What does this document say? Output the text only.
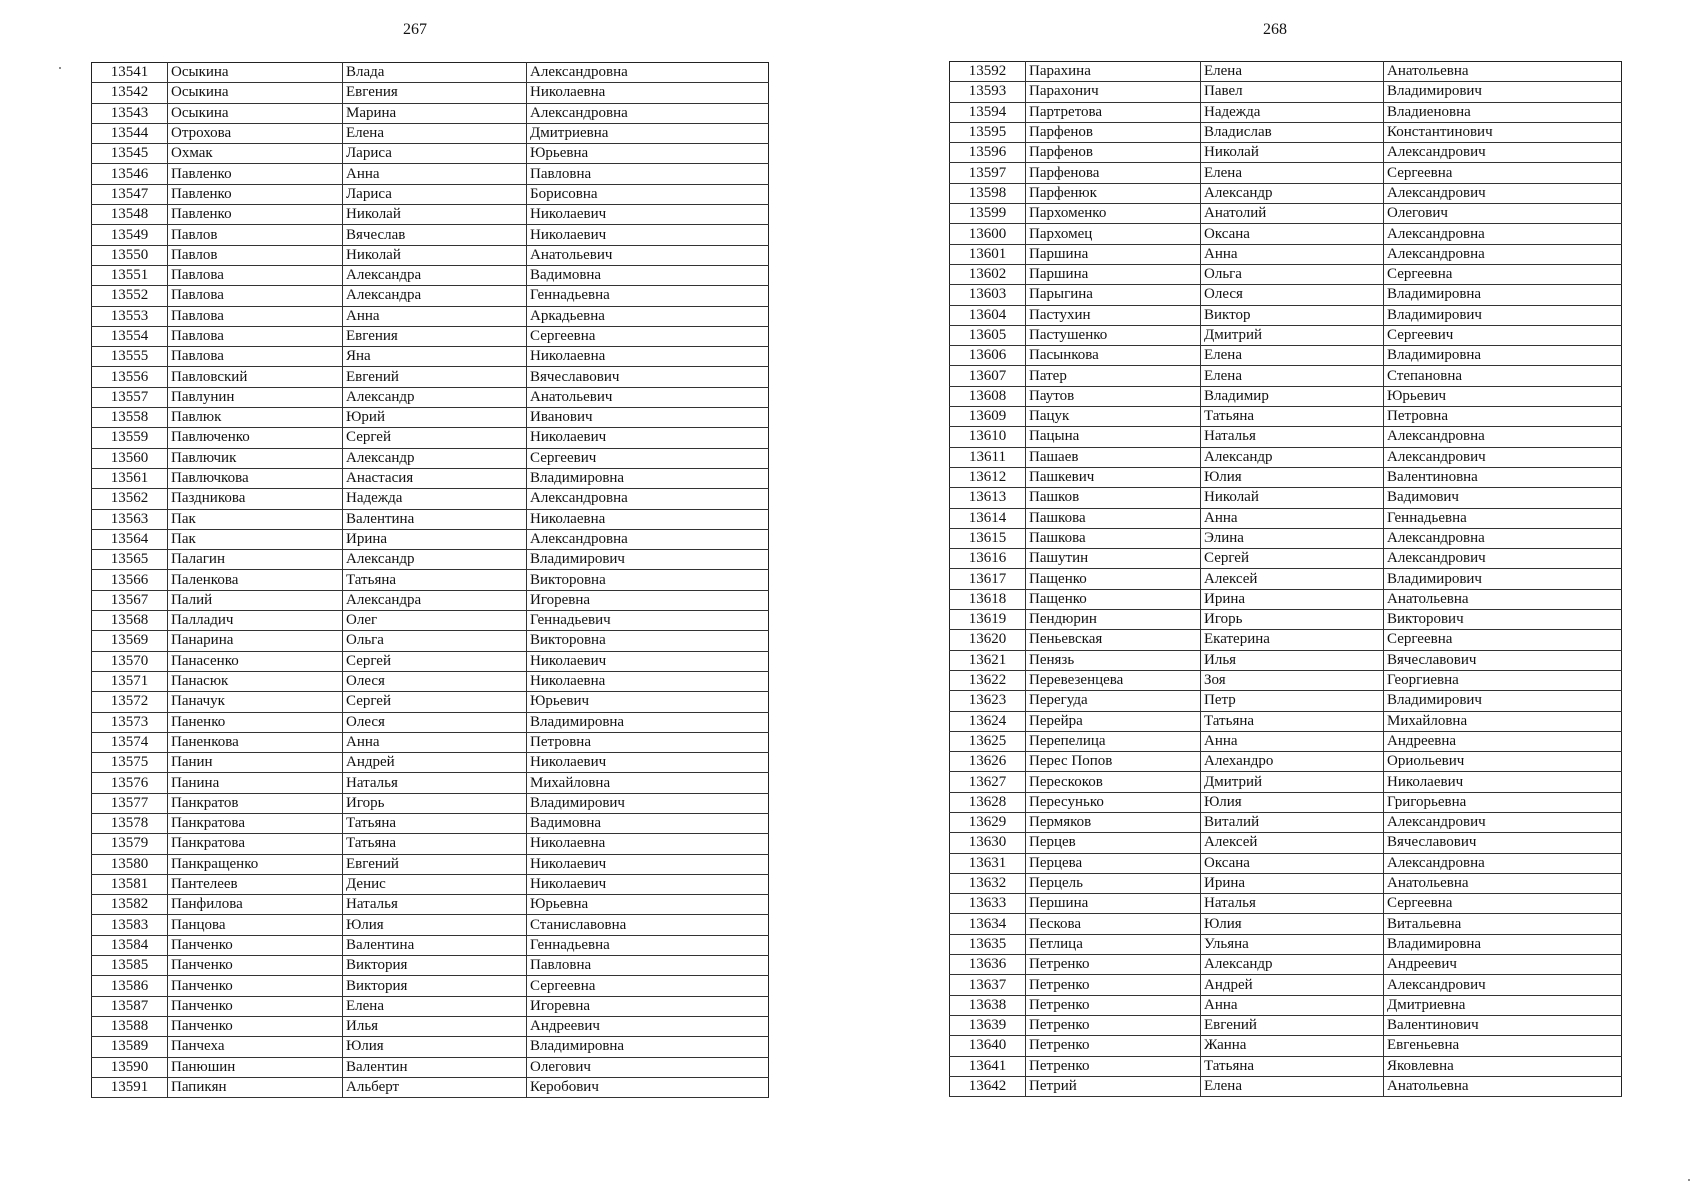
267	268
13541	Осыкина	Влада	Александровна
13542	Осыкина	Евгения	Николаевна
13543	Осыкина	Марина	Александровна
13544	Отрохова	Елена	Дмитриевна
13545	Охмак	Лариса	Юрьевна
13546	Павленко	Анна	Павловна
13547	Павленко	Лариса	Борисовна
13548	Павленко	Николай	Николаевич
13549	Павлов	Вячеслав	Николаевич
13550	Павлов	Николай	Анатольевич
13551	Павлова	Александра	Вадимовна
13552	Павлова	Александра	Геннадьевна
13553	Павлова	Анна	Аркадьевна
13554	Павлова	Евгения	Сергеевна
13555	Павлова	Яна	Николаевна
13556	Павловский	Евгений	Вячеславович
13557	Павлунин	Александр	Анатольевич
13558	Павлюк	Юрий	Иванович
13559	Павлюченко	Сергей	Николаевич
13560	Павлючик	Александр	Сергеевич
13561	Павлючкова	Анастасия	Владимировна
13562	Паздникова	Надежда	Александровна
13563	Пак	Валентина	Николаевна
13564	Пак	Ирина	Александровна
13565	Палагин	Александр	Владимирович
13566	Паленкова	Татьяна	Викторовна
13567	Палий	Александра	Игоревна
13568	Палладич	Олег	Геннадьевич
13569	Панарина	Ольга	Викторовна
13570	Панасенко	Сергей	Николаевич
13571	Панасюк	Олеся	Николаевна
13572	Паначук	Сергей	Юрьевич
13573	Паненко	Олеся	Владимировна
13574	Паненкова	Анна	Петровна
13575	Панин	Андрей	Николаевич
13576	Панина	Наталья	Михайловна
13577	Панкратов	Игорь	Владимирович
13578	Панкратова	Татьяна	Вадимовна
13579	Панкратова	Татьяна	Николаевна
13580	Панкращенко	Евгений	Николаевич
13581	Пантелеев	Денис	Николаевич
13582	Панфилова	Наталья	Юрьевна
13583	Панцова	Юлия	Станиславовна
13584	Панченко	Валентина	Геннадьевна
13585	Панченко	Виктория	Павловна
13586	Панченко	Виктория	Сергеевна
13587	Панченко	Елена	Игоревна
13588	Панченко	Илья	Андреевич
13589	Панчеха	Юлия	Владимировна
13590	Панюшин	Валентин	Олегович
13591	Папикян	Альберт	Керобович
13592	Парахина	Елена	Анатольевна
13593	Парахонич	Павел	Владимирович
13594	Партретова	Надежда	Владиеновна
13595	Парфенов	Владислав	Константинович
13596	Парфенов	Николай	Александрович
13597	Парфенова	Елена	Сергеевна
13598	Парфенюк	Александр	Александрович
13599	Пархоменко	Анатолий	Олегович
13600	Пархомец	Оксана	Александровна
13601	Паршина	Анна	Александровна
13602	Паршина	Ольга	Сергеевна
13603	Парыгина	Олеся	Владимировна
13604	Пастухин	Виктор	Владимирович
13605	Пастушенко	Дмитрий	Сергеевич
13606	Пасынкова	Елена	Владимировна
13607	Патер	Елена	Степановна
13608	Паутов	Владимир	Юрьевич
13609	Пацук	Татьяна	Петровна
13610	Пацына	Наталья	Александровна
13611	Пашаев	Александр	Александрович
13612	Пашкевич	Юлия	Валентиновна
13613	Пашков	Николай	Вадимович
13614	Пашкова	Анна	Геннадьевна
13615	Пашкова	Элина	Александровна
13616	Пашутин	Сергей	Александрович
13617	Пащенко	Алексей	Владимирович
13618	Пащенко	Ирина	Анатольевна
13619	Пендюрин	Игорь	Викторович
13620	Пеньевская	Екатерина	Сергеевна
13621	Пенязь	Илья	Вячеславович
13622	Перевезенцева	Зоя	Георгиевна
13623	Перегуда	Петр	Владимирович
13624	Перейра	Татьяна	Михайловна
13625	Перепелица	Анна	Андреевна
13626	Перес Попов	Алехандро	Ориольевич
13627	Перескоков	Дмитрий	Николаевич
13628	Пересунько	Юлия	Григорьевна
13629	Пермяков	Виталий	Александрович
13630	Перцев	Алексей	Вячеславович
13631	Перцева	Оксана	Александровна
13632	Перцель	Ирина	Анатольевна
13633	Першина	Наталья	Сергеевна
13634	Пескова	Юлия	Витальевна
13635	Петлица	Ульяна	Владимировна
13636	Петренко	Александр	Андреевич
13637	Петренко	Андрей	Александрович
13638	Петренко	Анна	Дмитриевна
13639	Петренко	Евгений	Валентинович
13640	Петренко	Жанна	Евгеньевна
13641	Петренко	Татьяна	Яковлевна
13642	Петрий	Елена	Анатольевна
